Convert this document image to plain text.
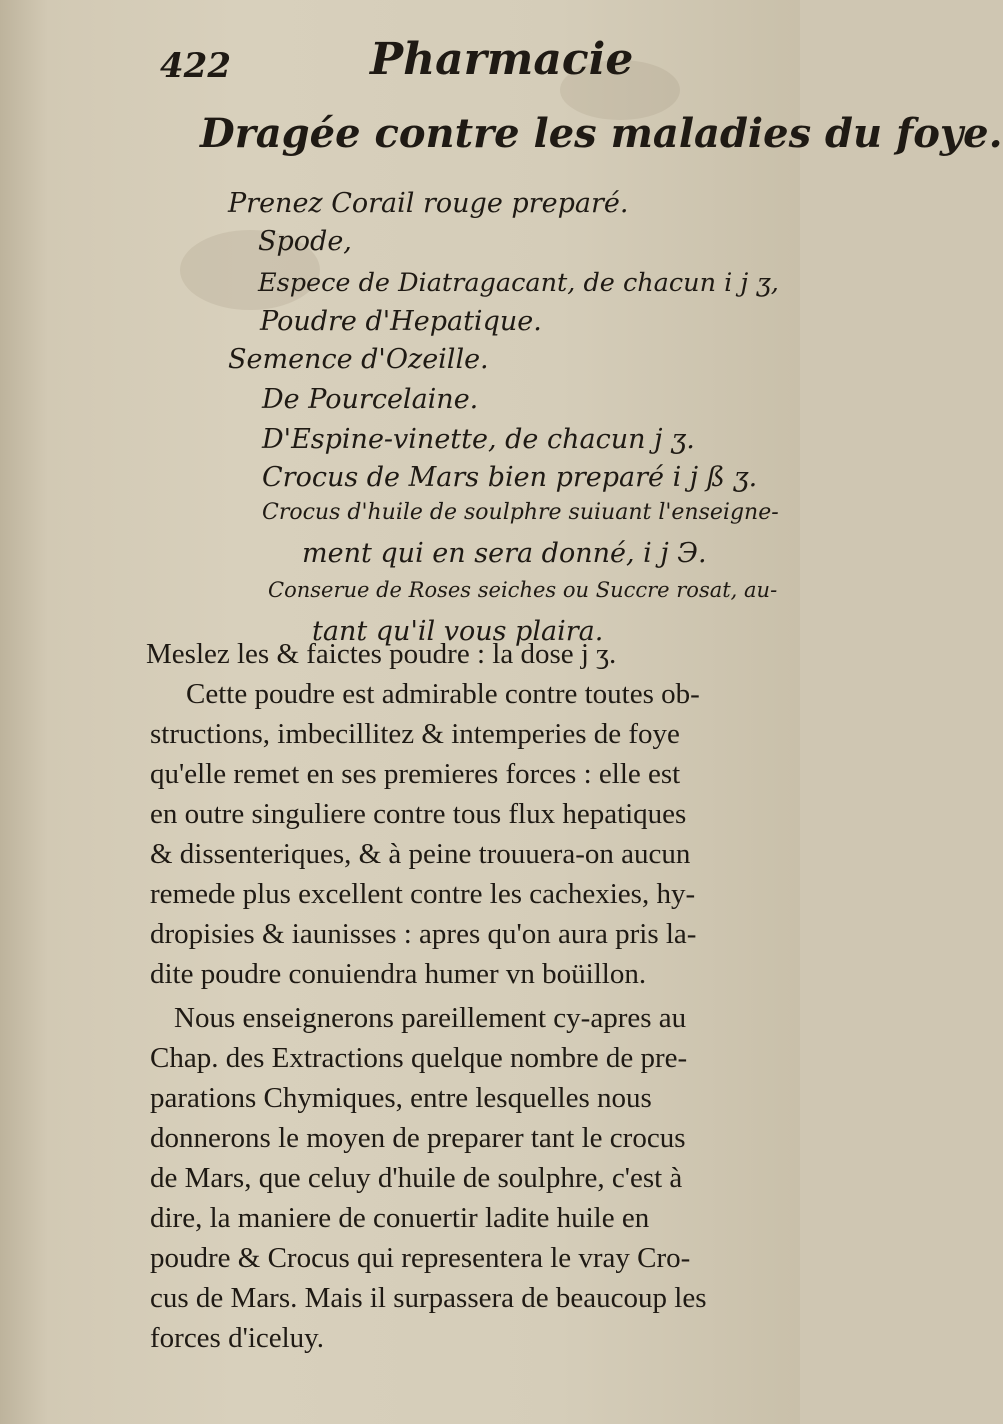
422	Pharmacie
Dragée contre les maladies du foye.
Prenez Corail rouge preparé.
Spode,
Espece de Diatragacant, de chacun i j ʒ,
Poudre d'Hepatique.
Semence d'Ozeille.
De Pourcelaine.
D'Espine-vinette, de chacun j ʒ.
Crocus de Mars bien preparé i j ß ʒ.
Crocus d'huile de soulphre suiuant l'enseigne-
ment qui en sera donné, i j Э.
Conserue de Roses seiches ou Succre rosat, au-
tant qu'il vous plaira.
Meslez les & faictes poudre : la dose j ʒ.
Cette poudre est admirable contre toutes ob-
structions, imbecillitez & intemperies de foye
qu'elle remet en ses premieres forces : elle est
en outre singuliere contre tous flux hepatiques
& dissenteriques, & à peine trouuera-on aucun
remede plus excellent contre les cachexies, hy-
dropisies & iaunisses : apres qu'on aura pris la-
dite poudre conuiendra humer vn boüillon.
Nous enseignerons pareillement cy-apres au
Chap. des Extractions quelque nombre de pre-
parations Chymiques, entre lesquelles nous
donnerons le moyen de preparer tant le crocus
de Mars, que celuy d'huile de soulphre, c'est à
dire, la maniere de conuertir ladite huile en
poudre & Crocus qui representera le vray Cro-
cus de Mars. Mais il surpassera de beaucoup les
forces d'iceluy.
